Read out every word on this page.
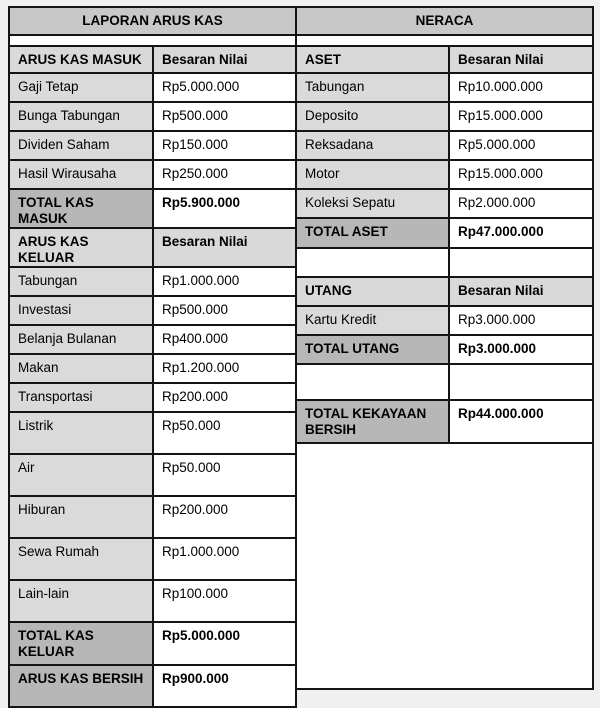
LAPORAN ARUS KAS	

ARUS KAS MASUK	Besaran Nilai
Gaji Tetap	Rp5.000.000
Bunga Tabungan	Rp500.000
Dividen Saham	Rp150.000
Hasil Wirausaha	Rp250.000
TOTAL KAS MASUK	Rp5.900.000
ARUS KAS KELUAR	Besaran Nilai
Tabungan	Rp1.000.000
Investasi	Rp500.000
Belanja Bulanan	Rp400.000
Makan	Rp1.200.000
Transportasi	Rp200.000
Listrik	Rp50.000
Air	Rp50.000
Hiburan	Rp200.000
Sewa Rumah	Rp1.000.000
Lain-lain	Rp100.000
TOTAL KAS KELUAR	Rp5.000.000
ARUS KAS BERSIH	Rp900.000
NERACA	

ASET	Besaran Nilai
Tabungan	Rp10.000.000
Deposito	Rp15.000.000
Reksadana	Rp5.000.000
Motor	Rp15.000.000
Koleksi Sepatu	Rp2.000.000
TOTAL ASET	Rp47.000.000

UTANG	Besaran Nilai
Kartu Kredit	Rp3.000.000
TOTAL UTANG	Rp3.000.000

TOTAL KEKAYAAN BERSIH	Rp44.000.000
